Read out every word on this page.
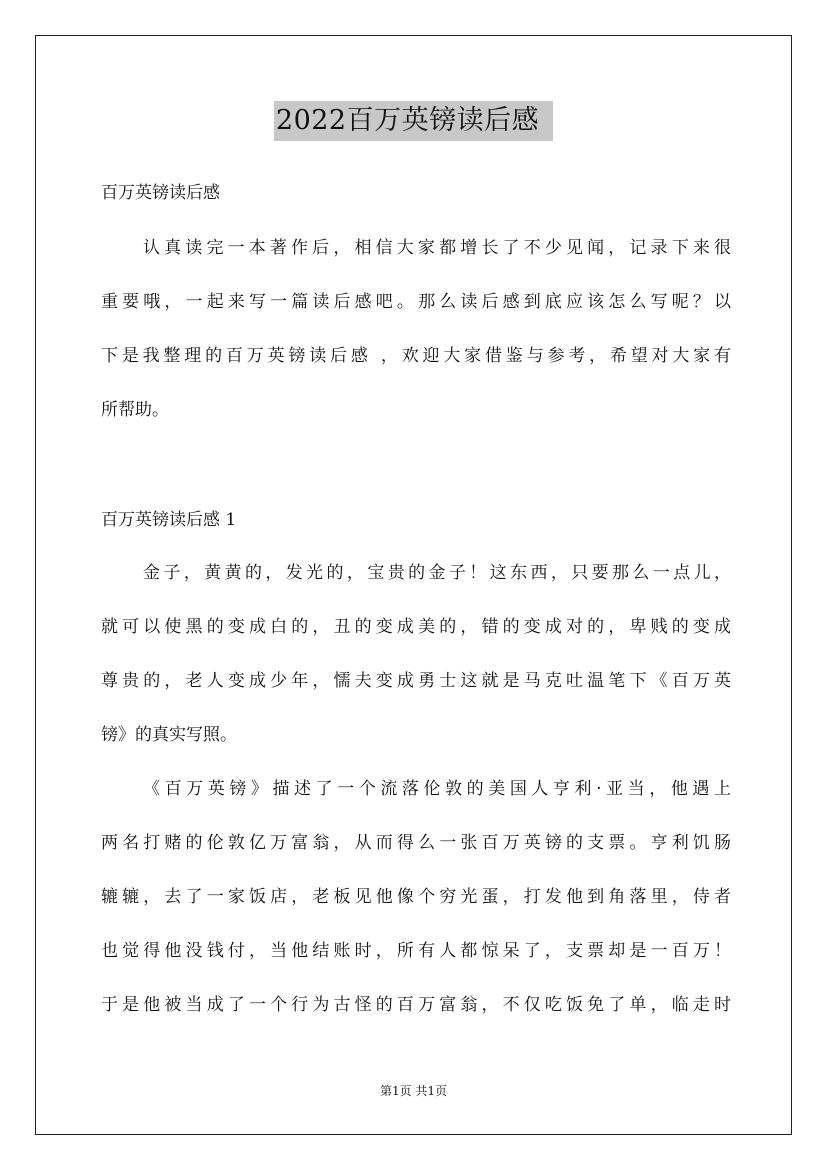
2022百万英镑读后感
百万英镑读后感
认真读完一本著作后，相信大家都增长了不少见闻，记录下来很
重要哦，一起来写一篇读后感吧。那么读后感到底应该怎么写呢？以
下是我整理的百万英镑读后感 ，欢迎大家借鉴与参考，希望对大家有
所帮助。
百万英镑读后感 1
金子，黄黄的，发光的，宝贵的金子！这东西，只要那么一点儿，
就可以使黑的变成白的，丑的变成美的，错的变成对的，卑贱的变成
尊贵的，老人变成少年，懦夫变成勇士这就是马克吐温笔下《百万英
镑》的真实写照。
《百万英镑》描述了一个流落伦敦的美国人亨利·亚当，他遇上
两名打赌的伦敦亿万富翁，从而得么一张百万英镑的支票。亨利饥肠
辘辘，去了一家饭店，老板见他像个穷光蛋，打发他到角落里，侍者
也觉得他没钱付，当他结账时，所有人都惊呆了，支票却是一百万！
于是他被当成了一个行为古怪的百万富翁，不仅吃饭免了单，临走时
第1页 共1页
